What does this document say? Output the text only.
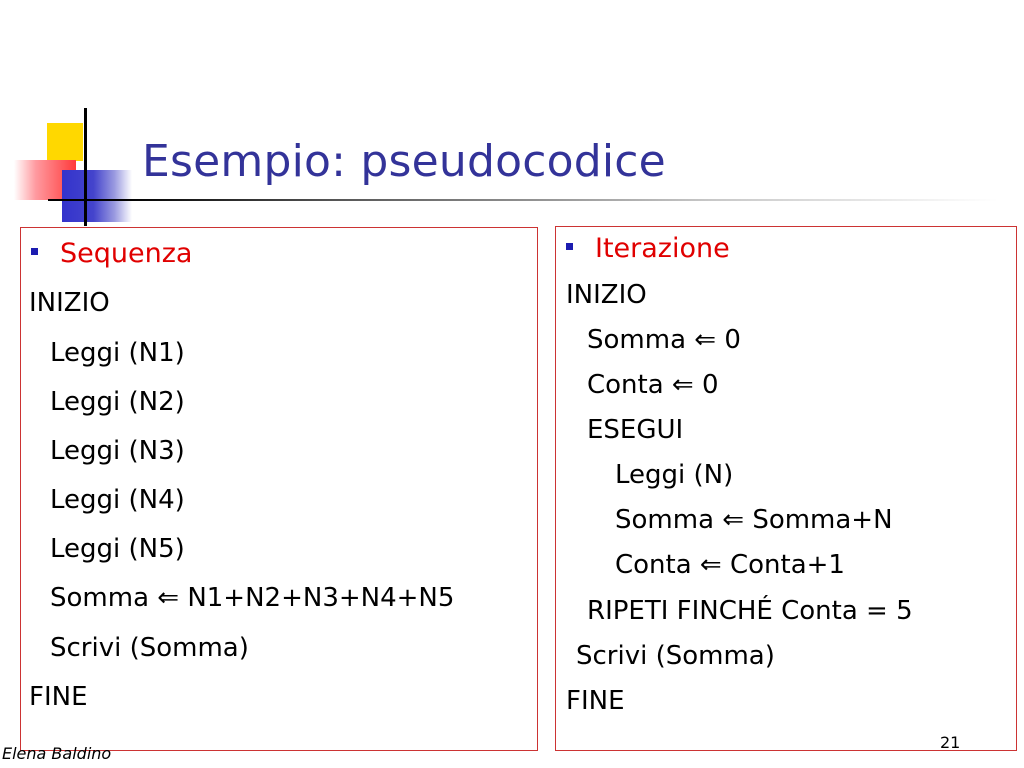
Esempio: pseudocodice
Sequenza
INIZIO
Leggi (N1)
Leggi (N2)
Leggi (N3)
Leggi (N4)
Leggi (N5)
Somma ⇐ N1+N2+N3+N4+N5
Scrivi (Somma)
FINE
Iterazione
INIZIO
Somma ⇐ 0
Conta ⇐ 0
ESEGUI
Leggi (N)
Somma ⇐ Somma+N
Conta ⇐ Conta+1
RIPETI FINCHÉ Conta = 5
Scrivi (Somma)
FINE
Elena Baldino
21
